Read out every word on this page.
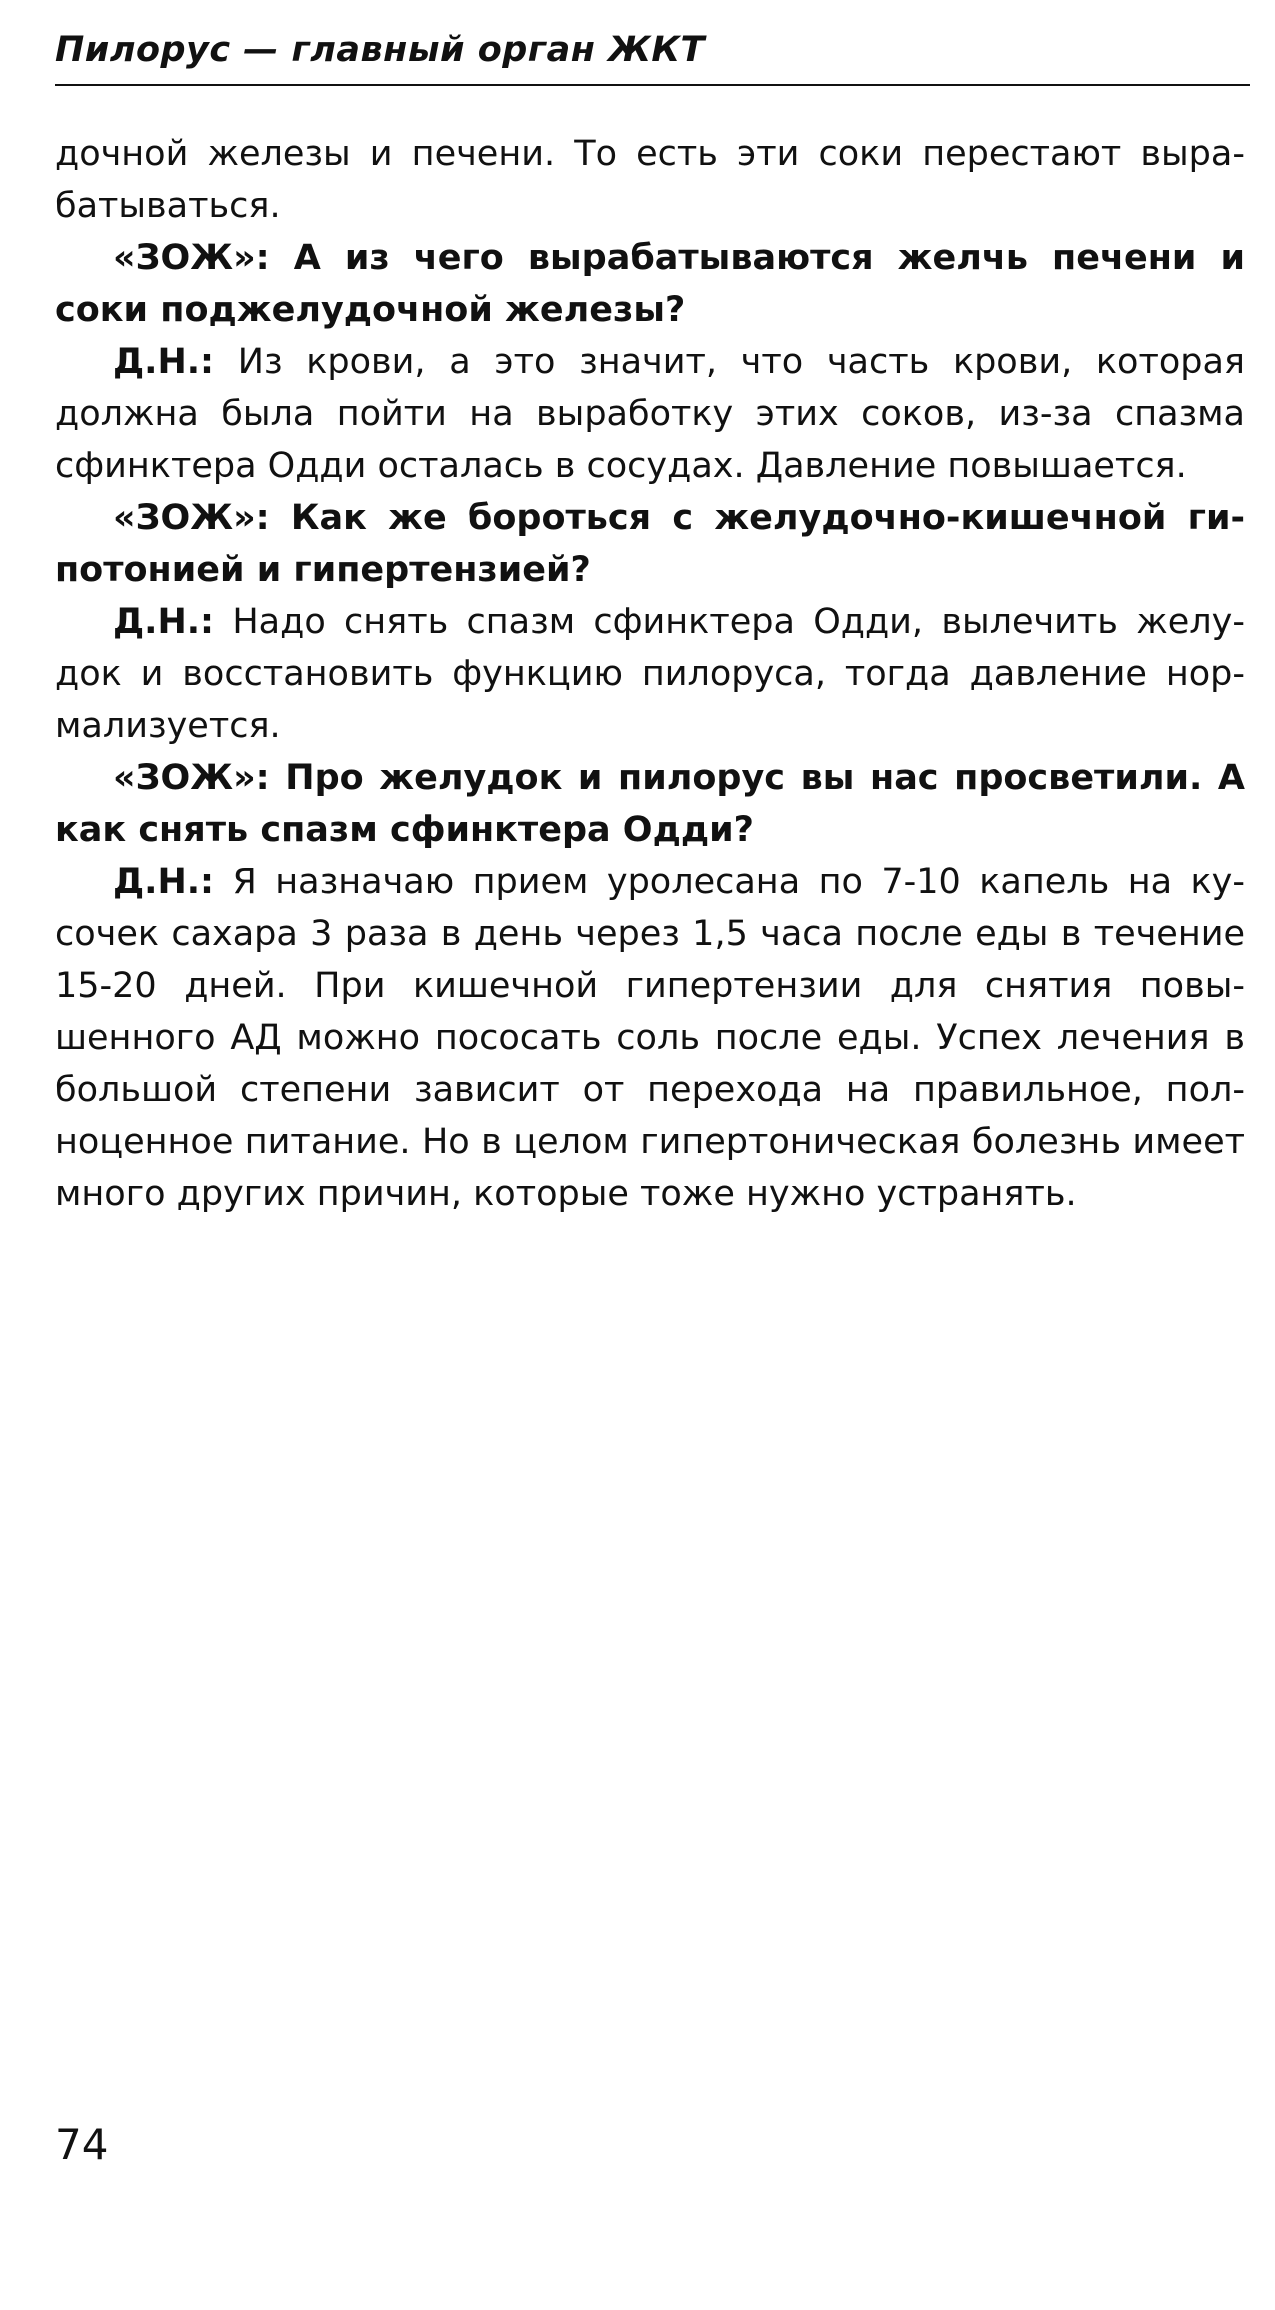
Пилорус — главный орган ЖКТ

дочной железы и печени. То есть эти соки перестают вырабатываться.

«ЗОЖ»: А из чего вырабатываются желчь печени и соки поджелудочной железы?

Д.Н.: Из крови, а это значит, что часть крови, которая должна была пойти на выработку этих соков, из-за спазма сфинктера Одди осталась в сосудах. Давление повышается.

«ЗОЖ»: Как же бороться с желудочно-кишечной гипотонией и гипертензией?

Д.Н.: Надо снять спазм сфинктера Одди, вылечить желудок и восстановить функцию пилоруса, тогда давление нормализуется.

«ЗОЖ»: Про желудок и пилорус вы нас просветили. А как снять спазм сфинктера Одди?

Д.Н.: Я назначаю прием уролесана по 7-10 капель на кусочек сахара 3 раза в день через 1,5 часа после еды в течение 15-20 дней. При кишечной гипертензии для снятия повышенного АД можно пососать соль после еды. Успех лечения в большой степени зависит от перехода на правильное, полноценное питание. Но в целом гипертоническая болезнь имеет много других причин, которые тоже нужно устранять.

74
